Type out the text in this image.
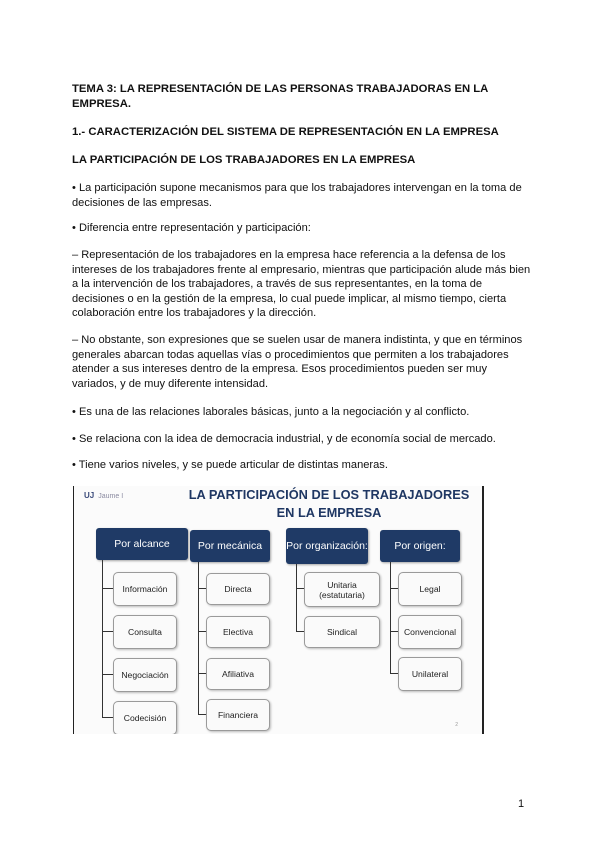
TEMA 3: LA REPRESENTACIÓN DE LAS PERSONAS TRABAJADORAS EN LA EMPRESA.
1.- CARACTERIZACIÓN DEL SISTEMA DE REPRESENTACIÓN EN LA EMPRESA
LA PARTICIPACIÓN DE LOS TRABAJADORES EN LA EMPRESA
• La participación supone mecanismos para que los trabajadores intervengan en la toma de decisiones de las empresas.
• Diferencia entre representación y participación:
– Representación de los trabajadores en la empresa hace referencia a la defensa de los intereses de los trabajadores frente al empresario, mientras que participación alude más bien a la intervención de los trabajadores, a través de sus representantes, en la toma de decisiones o en la gestión de la empresa, lo cual puede implicar, al mismo tiempo, cierta colaboración entre los trabajadores y la dirección.
– No obstante, son expresiones que se suelen usar de manera indistinta, y que en términos generales abarcan todas aquellas vías o procedimientos que permiten a los trabajadores atender a sus intereses dentro de la empresa. Esos procedimientos pueden ser muy variados, y de muy diferente intensidad.
• Es una de las relaciones laborales básicas, junto a la negociación y al conflicto.
• Se relaciona con la idea de democracia industrial, y de economía social de mercado.
• Tiene varios niveles, y se puede articular de distintas maneras.
UJ Jaume I	LA PARTICIPACIÓN DE LOS TRABAJADORES EN LA EMPRESA
Por alcance
Información
Consulta
Negociación
Codecisión
Por mecánica
Directa
Electiva
Afiliativa
Financiera
Por organización:
Unitaria (estatutaria)
Sindical
Por origen:
Legal
Convencional
Unilateral
2
1
